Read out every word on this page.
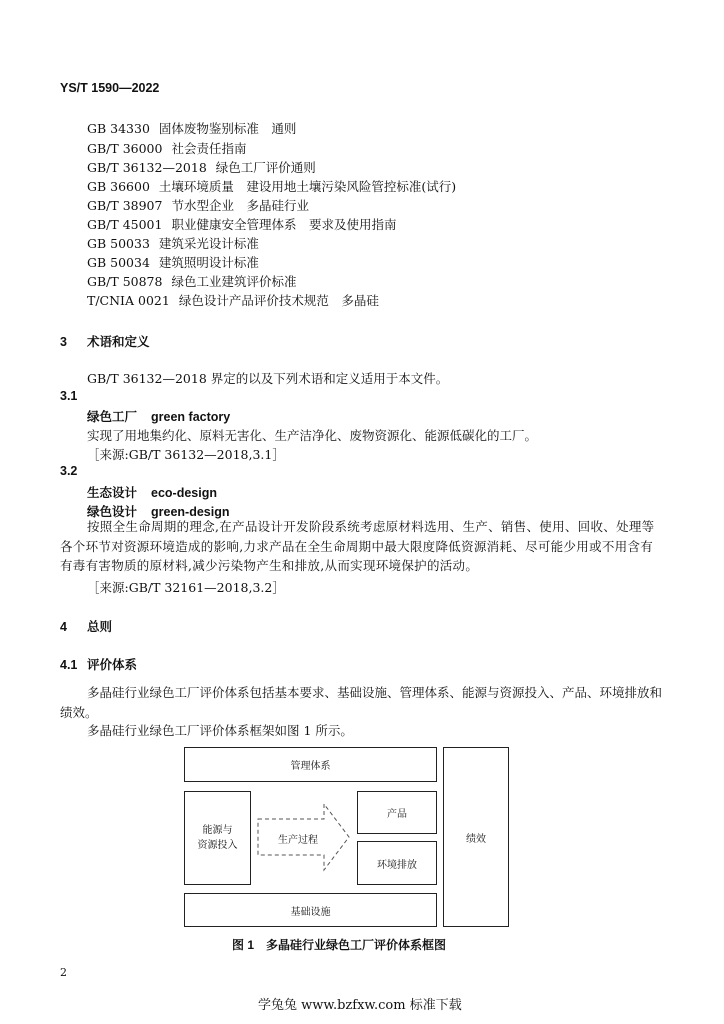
YS/T 1590—2022
GB 34330 固体废物鉴别标准　通则
GB/T 36000 社会责任指南
GB/T 36132—2018 绿色工厂评价通则
GB 36600 土壤环境质量　建设用地土壤污染风险管控标准(试行)
GB/T 38907 节水型企业　多晶硅行业
GB/T 45001 职业健康安全管理体系　要求及使用指南
GB 50033 建筑采光设计标准
GB 50034 建筑照明设计标准
GB/T 50878 绿色工业建筑评价标准
T/CNIA 0021 绿色设计产品评价技术规范　多晶硅
3 术语和定义
GB/T 36132—2018 界定的以及下列术语和定义适用于本文件。
3.1
绿色工厂 green factory
实现了用地集约化、原料无害化、生产洁净化、废物资源化、能源低碳化的工厂。
［来源:GB/T 36132—2018,3.1］
3.2
生态设计 eco-design
绿色设计 green-design
按照全生命周期的理念,在产品设计开发阶段系统考虑原材料选用、生产、销售、使用、回收、处理等各个环节对资源环境造成的影响,力求产品在全生命周期中最大限度降低资源消耗、尽可能少用或不用含有有毒有害物质的原材料,减少污染物产生和排放,从而实现环境保护的活动。
［来源:GB/T 32161—2018,3.2］
4 总则
4.1 评价体系
多晶硅行业绿色工厂评价体系包括基本要求、基础设施、管理体系、能源与资源投入、产品、环境排放和绩效。
多晶硅行业绿色工厂评价体系框架如图 1 所示。
管理体系
能源与
资源投入	生产过程
产品
环境排放
基础设施
绩效
图 1　多晶硅行业绿色工厂评价体系框图
2
学兔兔 www.bzfxw.com 标准下载
